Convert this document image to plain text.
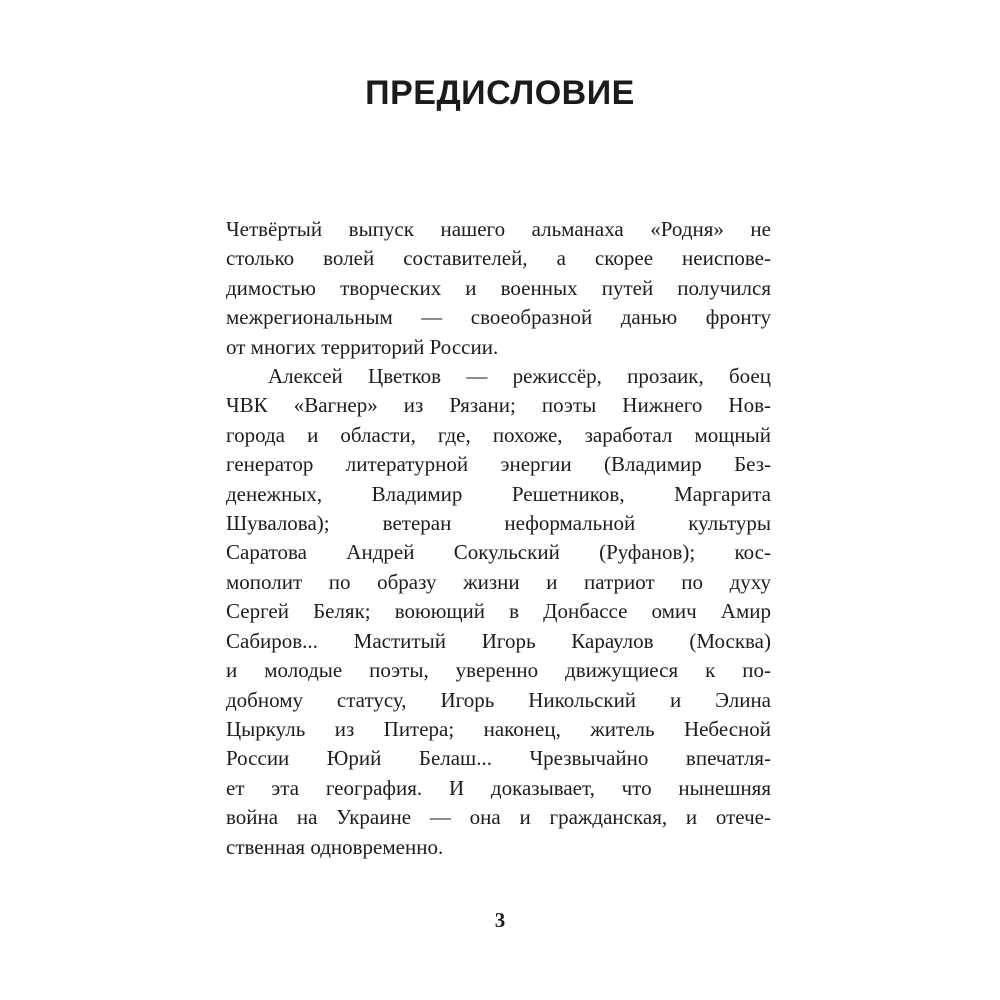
ПРЕДИСЛОВИЕ
Четвёртый выпуск нашего альманаха «Родня» не
столько волей составителей, а скорее неиспове-
димостью творческих и военных путей получился
межрегиональным — своеобразной данью фронту
от многих территорий России.
Алексей Цветков — режиссёр, прозаик, боец
ЧВК «Вагнер» из Рязани; поэты Нижнего Нов-
города и области, где, похоже, заработал мощный
генератор литературной энергии (Владимир Без-
денежных, Владимир Решетников, Маргарита
Шувалова); ветеран неформальной культуры
Саратова Андрей Сокульский (Руфанов); кос-
мополит по образу жизни и патриот по духу
Сергей Беляк; воюющий в Донбассе омич Амир
Сабиров... Маститый Игорь Караулов (Москва)
и молодые поэты, уверенно движущиеся к по-
добному статусу, Игорь Никольский и Элина
Цыркуль из Питера; наконец, житель Небесной
России Юрий Белаш... Чрезвычайно впечатля-
ет эта география. И доказывает, что нынешняя
война на Украине — она и гражданская, и отече-
ственная одновременно.
3
